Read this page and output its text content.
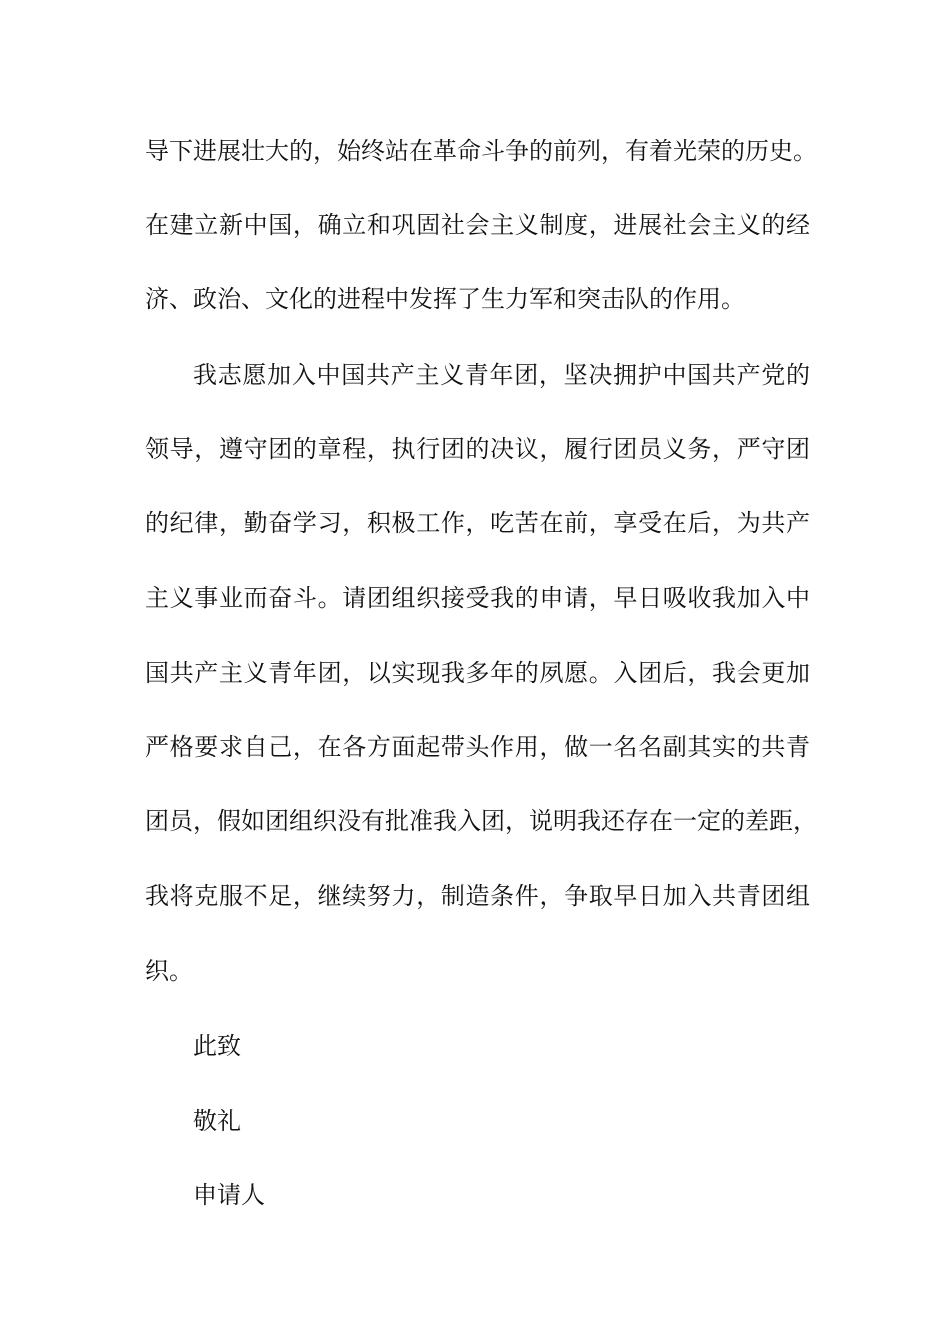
导下进展壮大的，始终站在革命斗争的前列，有着光荣的历史。

在建立新中国，确立和巩固社会主义制度，进展社会主义的经

济、政治、文化的进程中发挥了生力军和突击队的作用。

我志愿加入中国共产主义青年团，坚决拥护中国共产党的

领导，遵守团的章程，执行团的决议，履行团员义务，严守团

的纪律，勤奋学习，积极工作，吃苦在前，享受在后，为共产

主义事业而奋斗。请团组织接受我的申请，早日吸收我加入中

国共产主义青年团，以实现我多年的夙愿。入团后，我会更加

严格要求自己，在各方面起带头作用，做一名名副其实的共青

团员，假如团组织没有批准我入团，说明我还存在一定的差距，

我将克服不足，继续努力，制造条件，争取早日加入共青团组

织。

此致

敬礼

申请人
